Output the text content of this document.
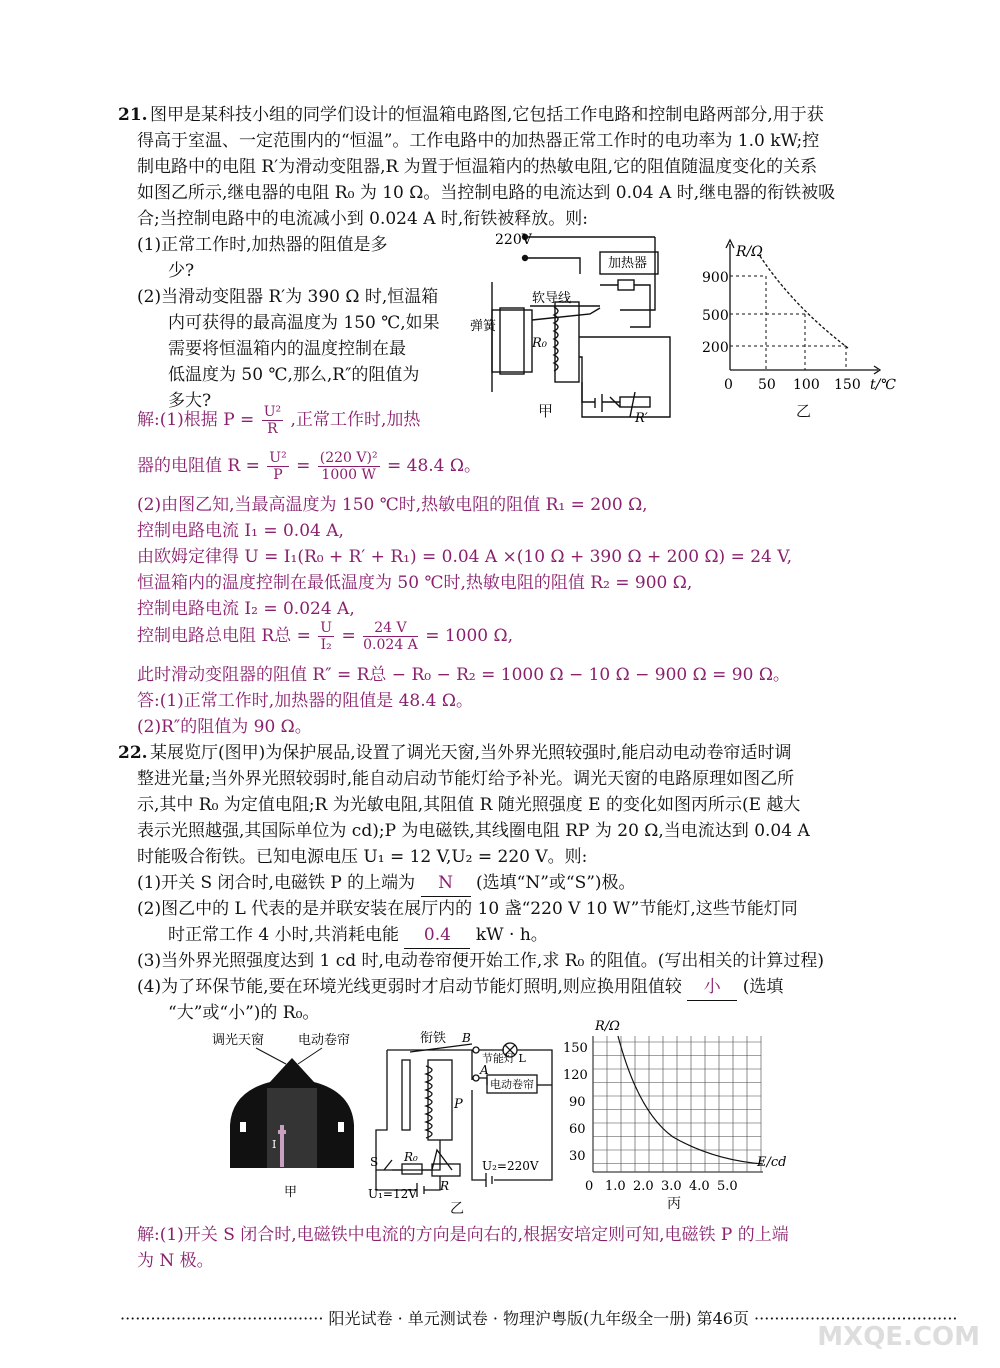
21. 图甲是某科技小组的同学们设计的恒温箱电路图,它包括工作电路和控制电路两部分,用于获
得高于室温、一定范围内的“恒温”。工作电路中的加热器正常工作时的电功率为 1.0 kW;控
制电路中的电阻 R′为滑动变阻器,R 为置于恒温箱内的热敏电阻,它的阻值随温度变化的关系
如图乙所示,继电器的电阻 R₀ 为 10 Ω。当控制电路的电流达到 0.04 A 时,继电器的衔铁被吸
合;当控制电路中的电流减小到 0.024 A 时,衔铁被释放。则:
(1)正常工作时,加热器的阻值是多
少?
(2)当滑动变阻器 R′为 390 Ω 时,恒温箱
内可获得的最高温度为 150 ℃,如果
需要将恒温箱内的温度控制在最
低温度为 50 ℃,那么,R″的阻值为
多大?
220V
加热器
软导线
弹簧
R₀
R′
甲
R/Ω
900
500
200
0 50 100 150 t/℃
乙
解:(1)根据 $P = \frac{\text{U²}}{R}$ ,正常工作时,加热
器的电阻值 $R = \frac{\text{U²}}{P} = \frac{\text{(220 V)²}}{1000 W} = 48.4$ Ω。
(2)由图乙知,当最高温度为 150 ℃时,热敏电阻的阻值 R₁ = 200 Ω,
控制电路电流 I₁ = 0.04 A,
由欧姆定律得 U = I₁(R₀ + R′ + R₁) = 0.04 A ×(10 Ω + 390 Ω + 200 Ω) = 24 V,
恒温箱内的温度控制在最低温度为 50 ℃时,热敏电阻的阻值 R₂ = 900 Ω,
控制电路电流 I₂ = 0.024 A,
控制电路总电阻 R总 = $\frac{U}{\text{I₂}} = \frac{24 V}{0.024 A} = 1000$ Ω,
此时滑动变阻器的阻值 R″ = R总 − R₀ − R₂ = 1000 Ω − 10 Ω − 900 Ω = 90 Ω。
答:(1)正常工作时,加热器的阻值是 48.4 Ω。
(2)R″的阻值为 90 Ω。
22. 某展览厅(图甲)为保护展品,设置了调光天窗,当外界光照较强时,能启动电动卷帘适时调
整进光量;当外界光照较弱时,能自动启动节能灯给予补光。调光天窗的电路原理如图乙所
示,其中 R₀ 为定值电阻;R 为光敏电阻,其阻值 R 随光照强度 E 的变化如图丙所示(E 越大
表示光照越强,其国际单位为 cd);P 为电磁铁,其线圈电阻 RP 为 20 Ω,当电流达到 0.04 A
时能吸合衔铁。已知电源电压 U₁ = 12 V,U₂ = 220 V。则:
(1)开关 S 闭合时,电磁铁 P 的上端为 N (选填“N”或“S”)极。
(2)图乙中的 L 代表的是并联安装在展厅内的 10 盏“220 V 10 W”节能灯,这些节能灯同
时正常工作 4 小时,共消耗电能 0.4 kW · h。
(3)当外界光照强度达到 1 cd 时,电动卷帘便开始工作,求 R₀ 的阻值。(写出相关的计算过程)
(4)为了环保节能,要在环境光线更弱时才启动节能灯照明,则应换用阻值较 小 (选填
“大”或“小”)的 R₀。
调光天窗	电动卷帘
I
甲
衔铁 B
节能灯 L
A
电动卷帘
P
S R₀
R
U₁=12V
U₂=220V
乙
R/Ω
150
120
90
60
30
0 1.0 2.0 3.0 4.0 5.0
E/cd
丙
解:(1)开关 S 闭合时,电磁铁中电流的方向是向右的,根据安培定则可知,电磁铁 P 的上端
为 N 极。
········································ 阳光试卷 · 单元测试卷 · 物理沪粤版(九年级全一册) 第46页 ········································
MXQE.COM
